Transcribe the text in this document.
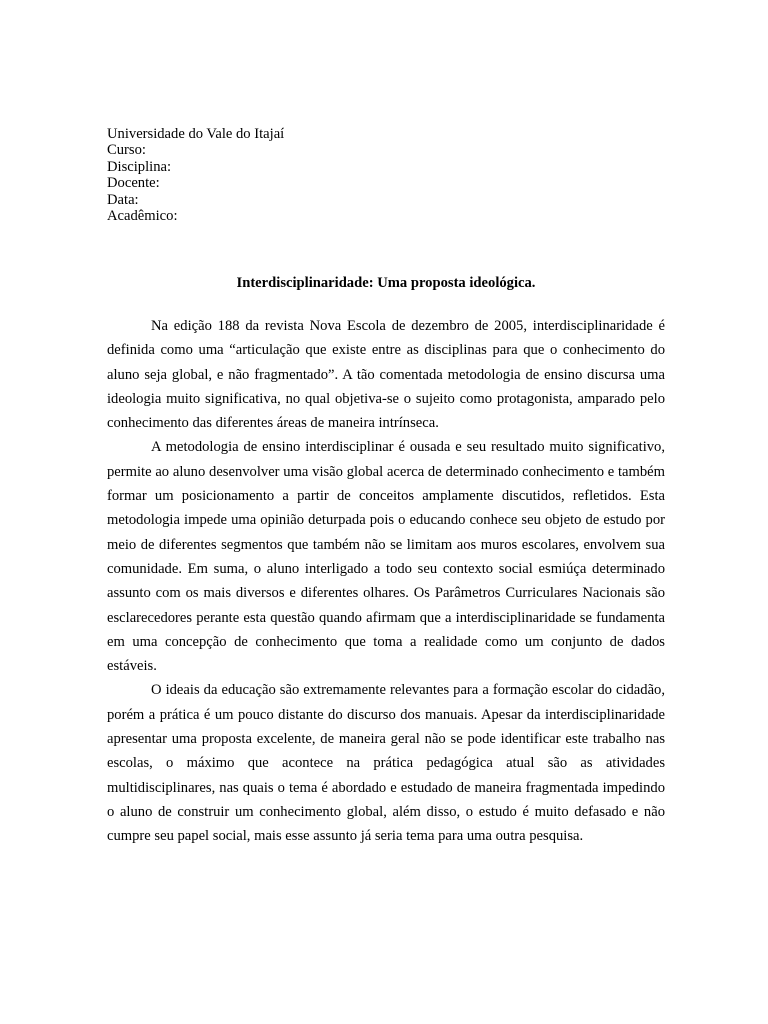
Universidade do Vale do Itajaí
Curso:
Disciplina:
Docente:
Data:
Acadêmico:
Interdisciplinaridade: Uma proposta ideológica.

Na edição 188 da revista Nova Escola de dezembro de 2005, interdisciplinaridade é definida como uma “articulação que existe entre as disciplinas para que o conhecimento do aluno seja global, e não fragmentado”. A tão comentada metodologia de ensino discursa uma ideologia muito significativa, no qual objetiva-se o sujeito como protagonista, amparado pelo conhecimento das diferentes áreas de maneira intrínseca.

A metodologia de ensino interdisciplinar é ousada e seu resultado muito significativo, permite ao aluno desenvolver uma visão global acerca de determinado conhecimento e também formar um posicionamento a partir de conceitos amplamente discutidos, refletidos. Esta metodologia impede uma opinião deturpada pois o educando conhece seu objeto de estudo por meio de diferentes segmentos que também não se limitam aos muros escolares, envolvem sua comunidade. Em suma, o aluno interligado a todo seu contexto social esmiúça determinado assunto com os mais diversos e diferentes olhares. Os Parâmetros Curriculares Nacionais são esclarecedores perante esta questão quando afirmam que a interdisciplinaridade se fundamenta em uma concepção de conhecimento que toma a realidade como um conjunto de dados estáveis.

O ideais da educação são extremamente relevantes para a formação escolar do cidadão, porém a prática é um pouco distante do discurso dos manuais. Apesar da interdisciplinaridade apresentar uma proposta excelente, de maneira geral não se pode identificar este trabalho nas escolas, o máximo que acontece na prática pedagógica atual são as atividades multidisciplinares, nas quais o tema é abordado e estudado de maneira fragmentada impedindo o aluno de construir um conhecimento global, além disso, o estudo é muito defasado e não cumpre seu papel social, mais esse assunto já seria tema para uma outra pesquisa.
